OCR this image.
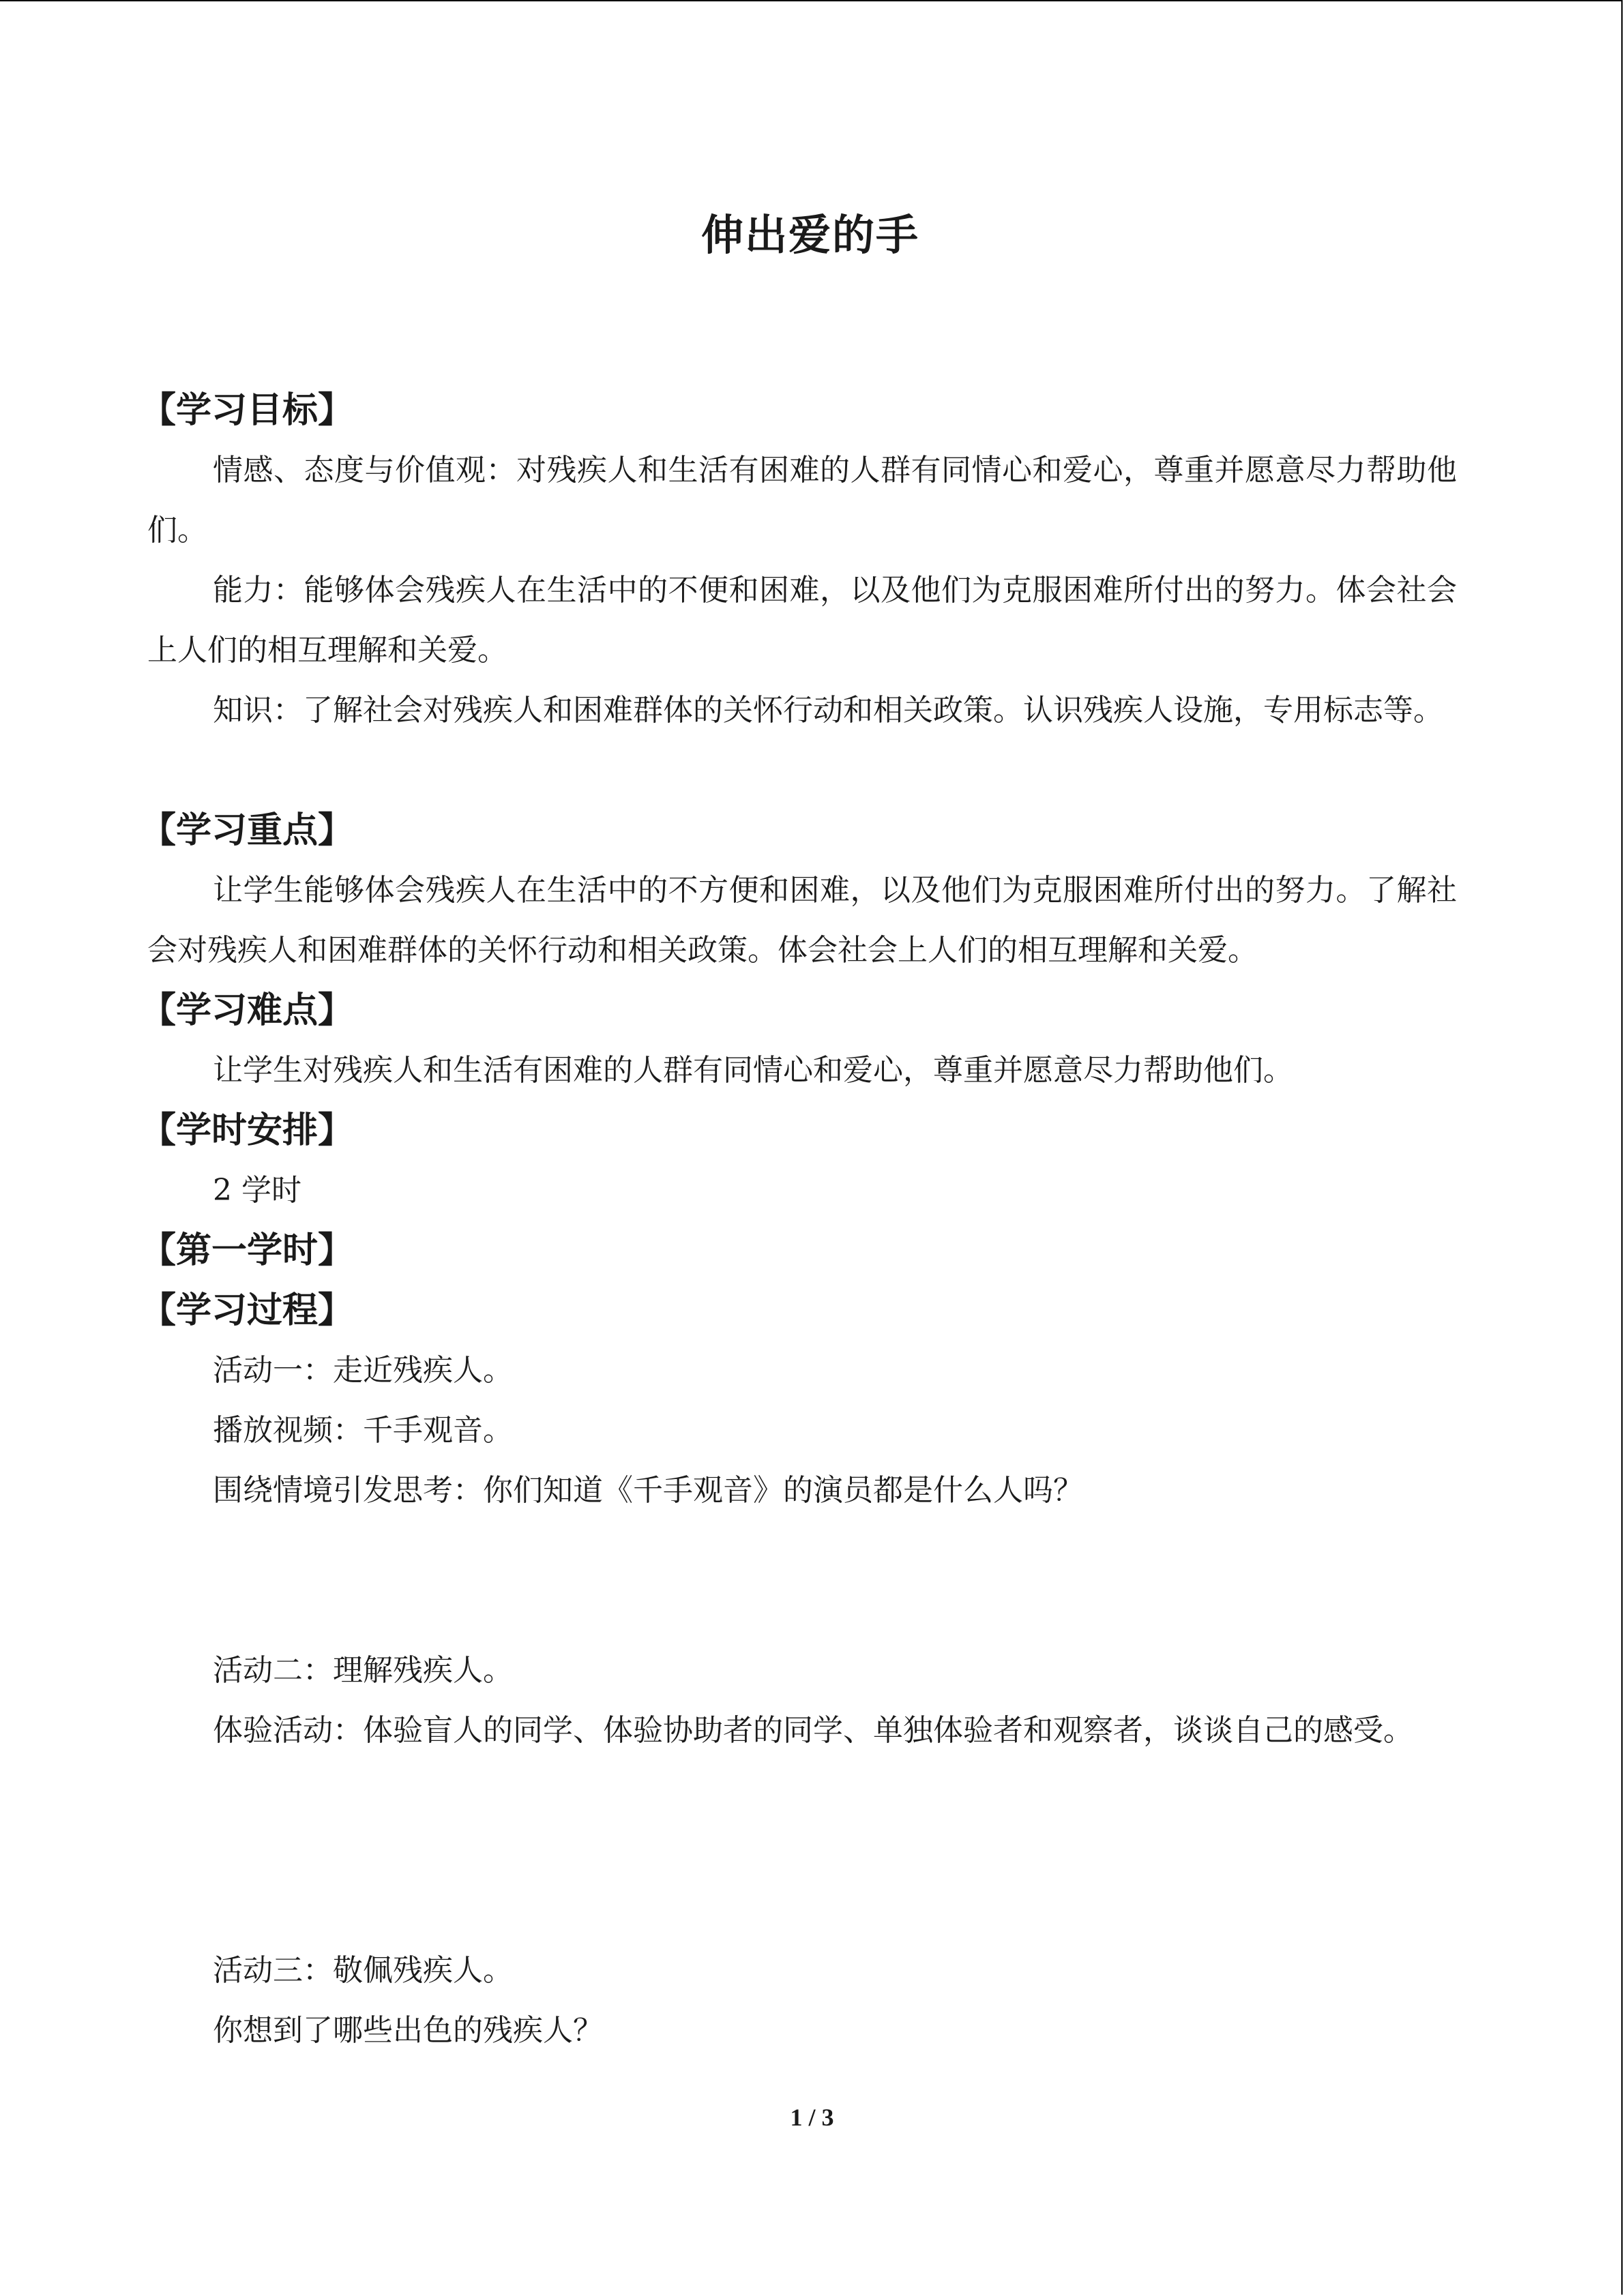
伸出爱的手
【学习目标】

情感、态度与价值观：对残疾人和生活有困难的人群有同情心和爱心，尊重并愿意尽力帮助他们。

能力：能够体会残疾人在生活中的不便和困难，以及他们为克服困难所付出的努力。体会社会上人们的相互理解和关爱。

知识：了解社会对残疾人和困难群体的关怀行动和相关政策。认识残疾人设施，专用标志等。

【学习重点】

让学生能够体会残疾人在生活中的不方便和困难，以及他们为克服困难所付出的努力。了解社会对残疾人和困难群体的关怀行动和相关政策。体会社会上人们的相互理解和关爱。

【学习难点】

让学生对残疾人和生活有困难的人群有同情心和爱心，尊重并愿意尽力帮助他们。

【学时安排】

2 学时

【第一学时】
【学习过程】

活动一：走近残疾人。

播放视频：千手观音。

围绕情境引发思考：你们知道《千手观音》的演员都是什么人吗？

活动二：理解残疾人。

体验活动：体验盲人的同学、体验协助者的同学、单独体验者和观察者，谈谈自己的感受。

活动三：敬佩残疾人。

你想到了哪些出色的残疾人？

1 / 3
